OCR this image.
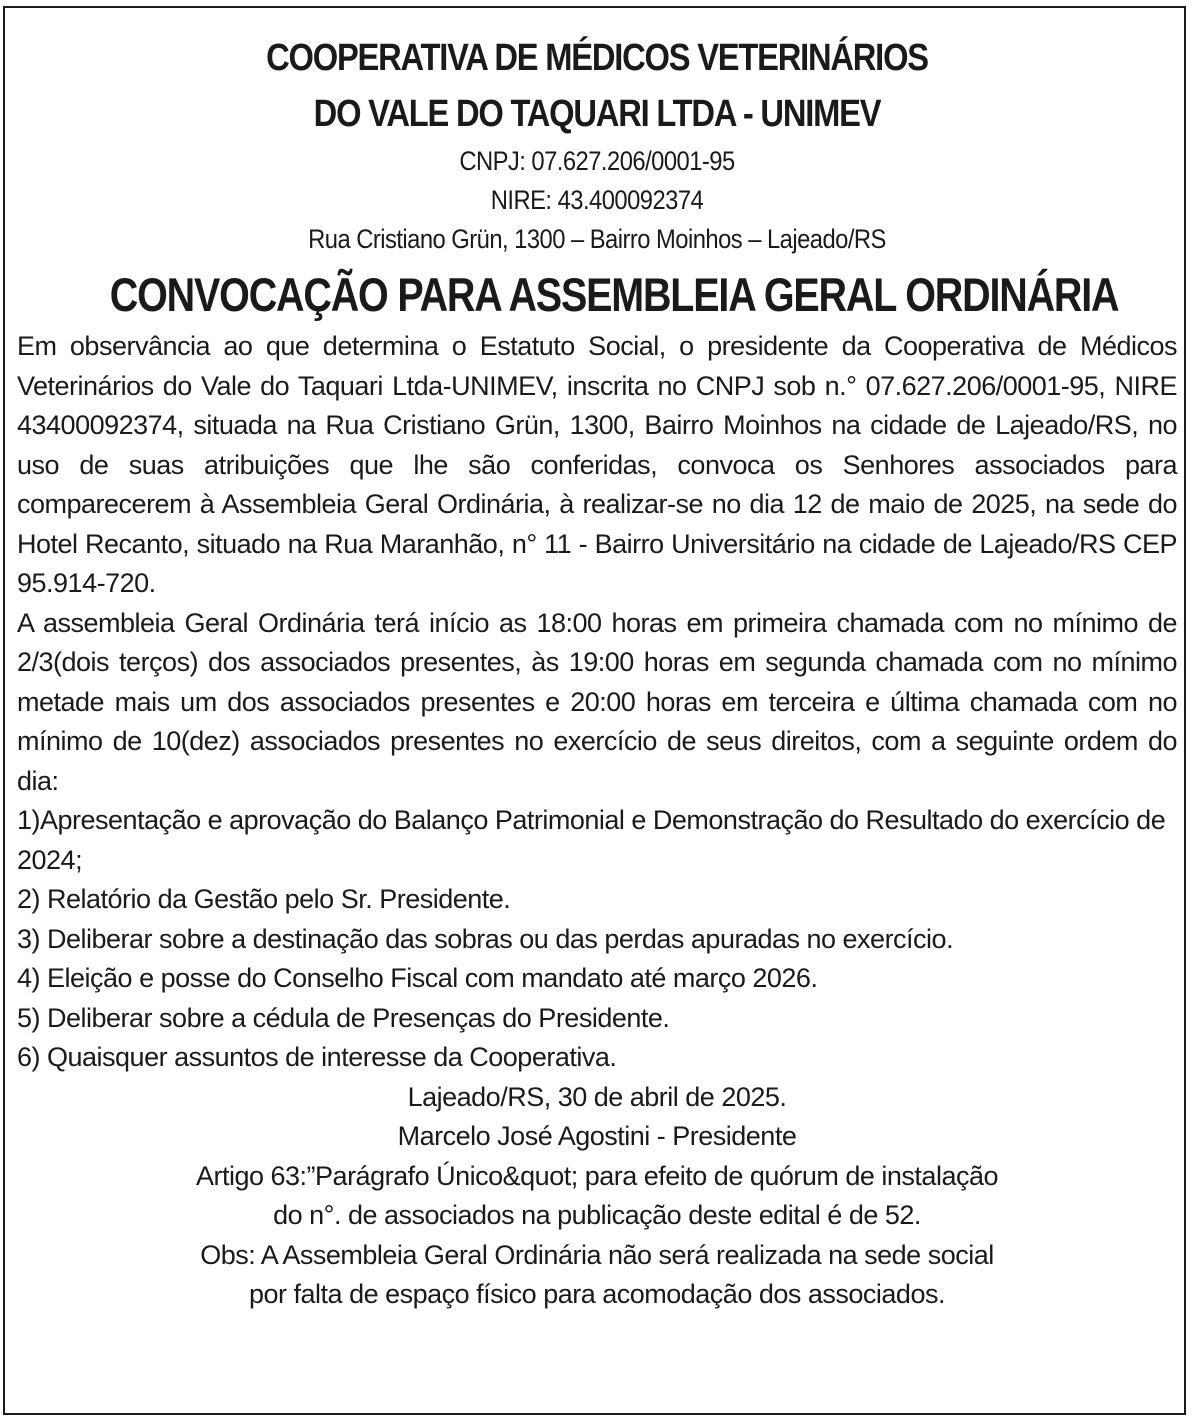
COOPERATIVA DE MÉDICOS VETERINÁRIOS
DO VALE DO TAQUARI LTDA - UNIMEV
CNPJ: 07.627.206/0001-95
NIRE: 43.400092374
Rua Cristiano Grün, 1300 – Bairro Moinhos – Lajeado/RS
CONVOCAÇÃO PARA ASSEMBLEIA GERAL ORDINÁRIA

Em observância ao que determina o Estatuto Social, o presidente da Cooperativa de Médicos Veterinários do Vale do Taquari Ltda-UNIMEV, inscrita no CNPJ sob n.° 07.627.206/0001-95, NIRE 43400092374, situada na Rua Cristiano Grün, 1300, Bairro Moinhos na cidade de Lajeado/RS, no uso de suas atribuições que lhe são conferidas, convoca os Senhores associados para comparecerem à Assembleia Geral Ordinária, à realizar-se no dia 12 de maio de 2025, na sede do Hotel Recanto, situado na Rua Maranhão, n° 11 - Bairro Universitário na cidade de Lajeado/RS CEP 95.914-720.

A assembleia Geral Ordinária terá início as 18:00 horas em primeira chamada com no mínimo de 2/3(dois terços) dos associados presentes, às 19:00 horas em segunda chamada com no mínimo metade mais um dos associados presentes e 20:00 horas em terceira e última chamada com no mínimo de 10(dez) associados presentes no exercício de seus direitos, com a seguinte ordem do dia:

1)Apresentação e aprovação do Balanço Patrimonial e Demonstração do Resultado do exercício de 2024;
2) Relatório da Gestão pelo Sr. Presidente.
3) Deliberar sobre a destinação das sobras ou das perdas apuradas no exercício.
4) Eleição e posse do Conselho Fiscal com mandato até março 2026.
5) Deliberar sobre a cédula de Presenças do Presidente.
6) Quaisquer assuntos de interesse da Cooperativa.
Lajeado/RS, 30 de abril de 2025.
Marcelo José Agostini - Presidente
Artigo 63:”Parágrafo Único&quot; para efeito de quórum de instalação
do n°. de associados na publicação deste edital é de 52.
Obs: A Assembleia Geral Ordinária não será realizada na sede social
por falta de espaço físico para acomodação dos associados.
